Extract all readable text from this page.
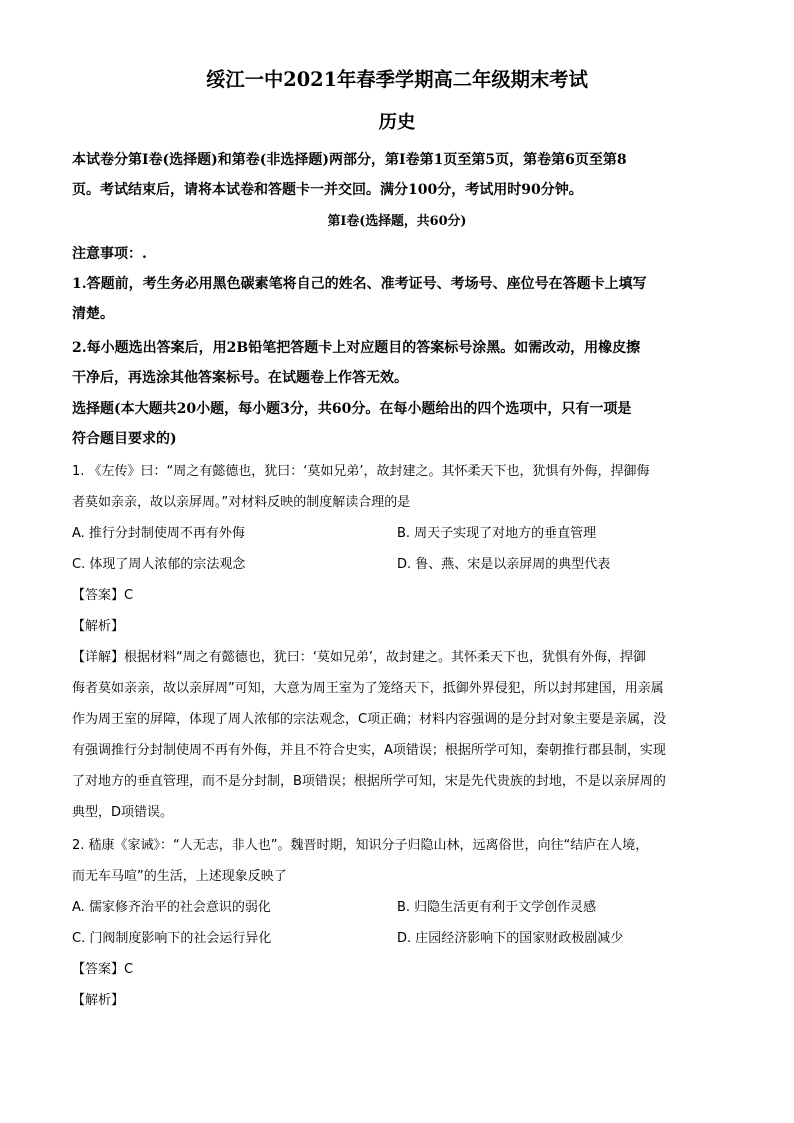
绥江一中2021年春季学期高二年级期末考试
历史
本试卷分第Ⅰ卷(选择题)和第卷(非选择题)两部分，第Ⅰ卷第1页至第5页，第卷第6页至第8
页。考试结束后，请将本试卷和答题卡一并交回。满分100分，考试用时90分钟。
第Ⅰ卷(选择题，共60分)
注意事项：.
1.答题前，考生务必用黑色碳素笔将自己的姓名、准考证号、考场号、座位号在答题卡上填写
清楚。
2.每小题选出答案后，用2B铅笔把答题卡上对应题目的答案标号涂黑。如需改动，用橡皮擦
干净后，再选涂其他答案标号。在试题卷上作答无效。
选择题(本大题共20小题，每小题3分，共60分。在每小题给出的四个选项中，只有一项是
符合题目要求的)
1. 《左传》曰：“周之有懿德也，犹曰：‘莫如兄弟’，故封建之。其怀柔天下也，犹惧有外侮，捍御侮
者莫如亲亲，故以亲屏周。”对材料反映的制度解读合理的是
A. 推行分封制使周不再有外侮	B. 周天子实现了对地方的垂直管理
C. 体现了周人浓郁的宗法观念	D. 鲁、燕、宋是以亲屏周的典型代表
【答案】C
【解析】
【详解】根据材料“周之有懿德也，犹曰：‘莫如兄弟’，故封建之。其怀柔天下也，犹惧有外侮，捍御
侮者莫如亲亲，故以亲屏周”可知，大意为周王室为了笼络天下，抵御外界侵犯，所以封邦建国，用亲属
作为周王室的屏障，体现了周人浓郁的宗法观念，C项正确；材料内容强调的是分封对象主要是亲属，没
有强调推行分封制使周不再有外侮，并且不符合史实，A项错误；根据所学可知，秦朝推行郡县制，实现
了对地方的垂直管理，而不是分封制，B项错误；根据所学可知，宋是先代贵族的封地，不是以亲屏周的
典型，D项错误。
2. 嵇康《家诫》：“人无志，非人也”。魏晋时期，知识分子归隐山林，远离俗世，向往“结庐在人境，
而无车马喧”的生活，上述现象反映了
A. 儒家修齐治平的社会意识的弱化	B. 归隐生活更有利于文学创作灵感
C. 门阀制度影响下的社会运行异化	D. 庄园经济影响下的国家财政极剧减少
【答案】C
【解析】
